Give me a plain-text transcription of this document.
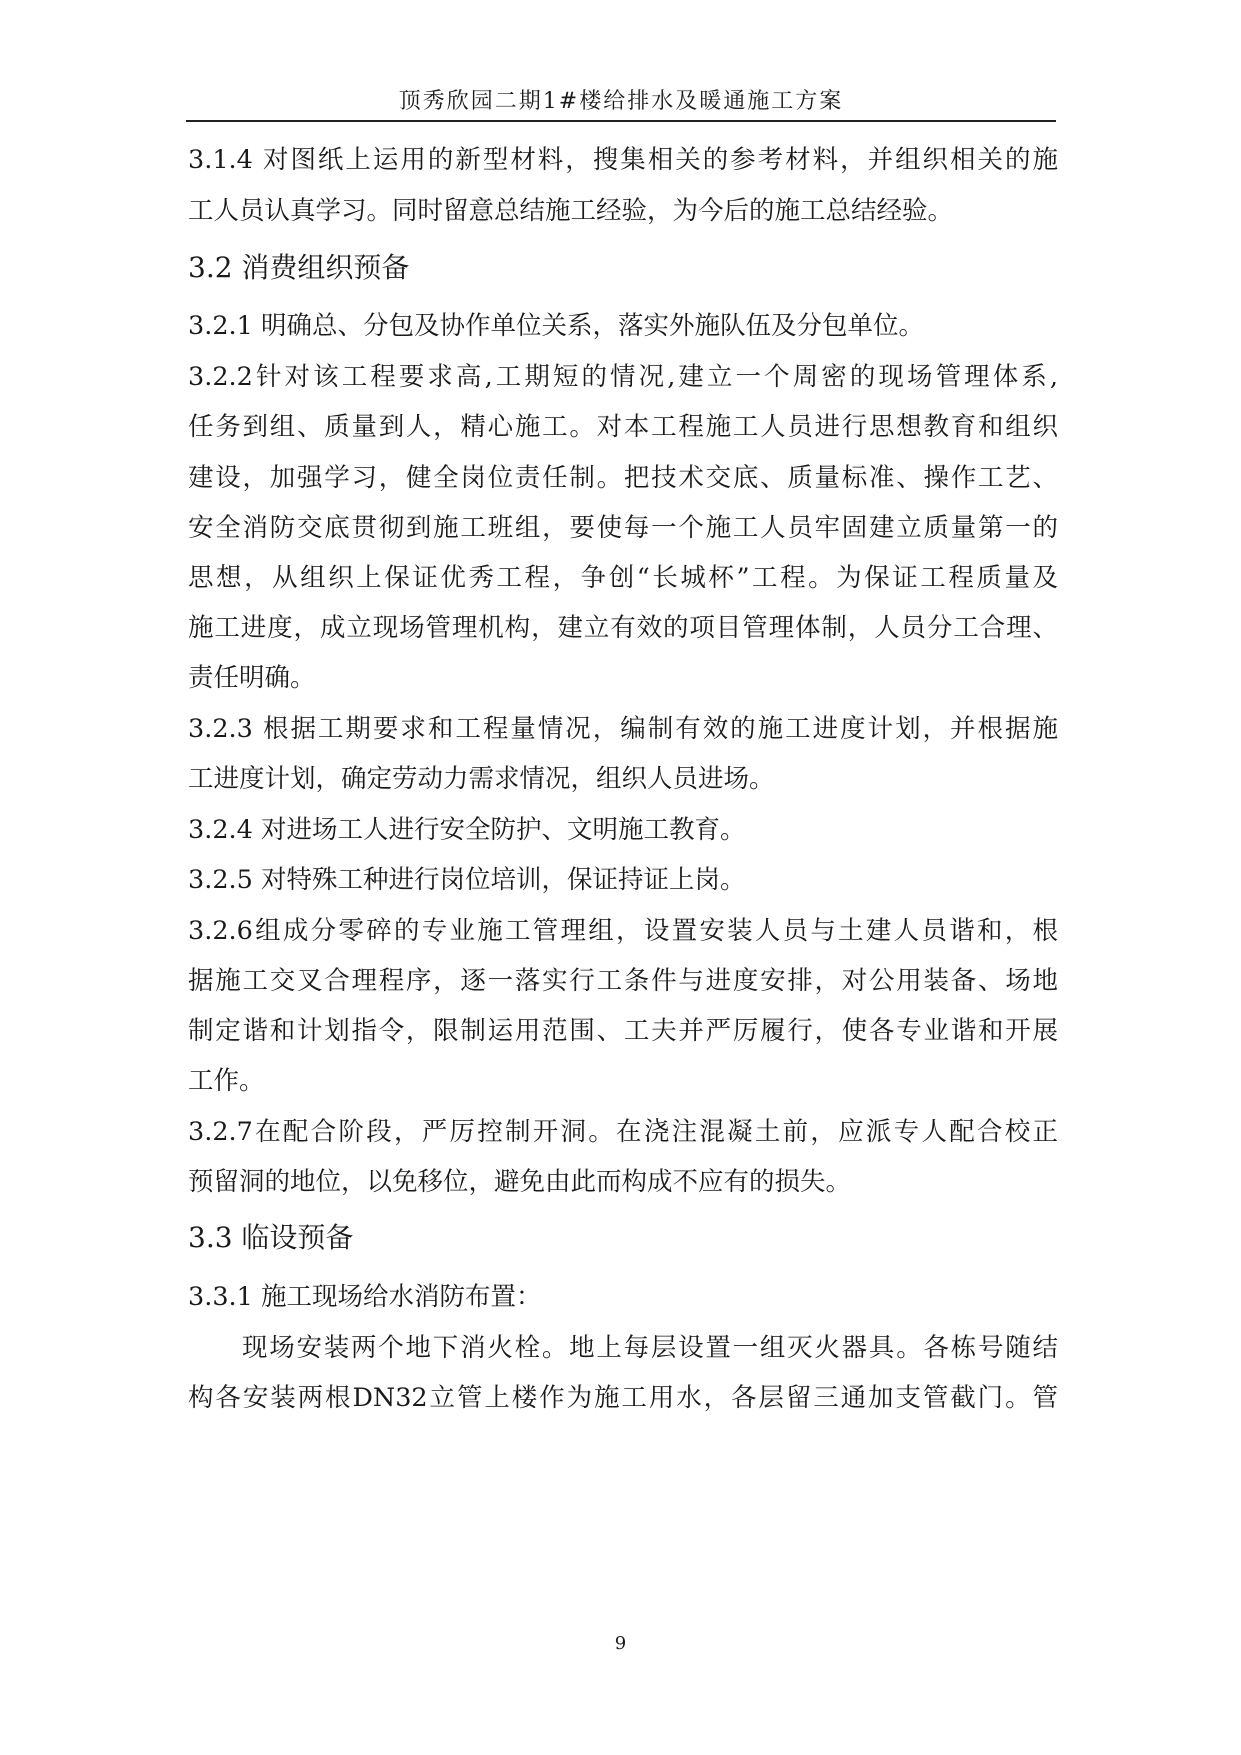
顶秀欣园二期1#楼给排水及暖通施工方案
3.1.4 对图纸上运用的新型材料，搜集相关的参考材料，并组织相关的施
工人员认真学习。同时留意总结施工经验，为今后的施工总结经验。
3.2 消费组织预备
3.2.1 明确总、分包及协作单位关系，落实外施队伍及分包单位。
3.2.2针对该工程要求高,工期短的情况,建立一个周密的现场管理体系,
任务到组、质量到人，精心施工。对本工程施工人员进行思想教育和组织
建设，加强学习，健全岗位责任制。把技术交底、质量标准、操作工艺、
安全消防交底贯彻到施工班组，要使每一个施工人员牢固建立质量第一的
思想，从组织上保证优秀工程，争创“长城杯”工程。为保证工程质量及
施工进度，成立现场管理机构，建立有效的项目管理体制，人员分工合理、
责任明确。
3.2.3 根据工期要求和工程量情况，编制有效的施工进度计划，并根据施
工进度计划，确定劳动力需求情况，组织人员进场。
3.2.4 对进场工人进行安全防护、文明施工教育。
3.2.5 对特殊工种进行岗位培训，保证持证上岗。
3.2.6组成分零碎的专业施工管理组，设置安装人员与土建人员谐和，根
据施工交叉合理程序，逐一落实行工条件与进度安排，对公用装备、场地
制定谐和计划指令，限制运用范围、工夫并严厉履行，使各专业谐和开展
工作。
3.2.7在配合阶段，严厉控制开洞。在浇注混凝土前，应派专人配合校正
预留洞的地位，以免移位，避免由此而构成不应有的损失。
3.3 临设预备
3.3.1 施工现场给水消防布置：
现场安装两个地下消火栓。地上每层设置一组灭火器具。各栋号随结
构各安装两根DN32立管上楼作为施工用水，各层留三通加支管截门。管
9
